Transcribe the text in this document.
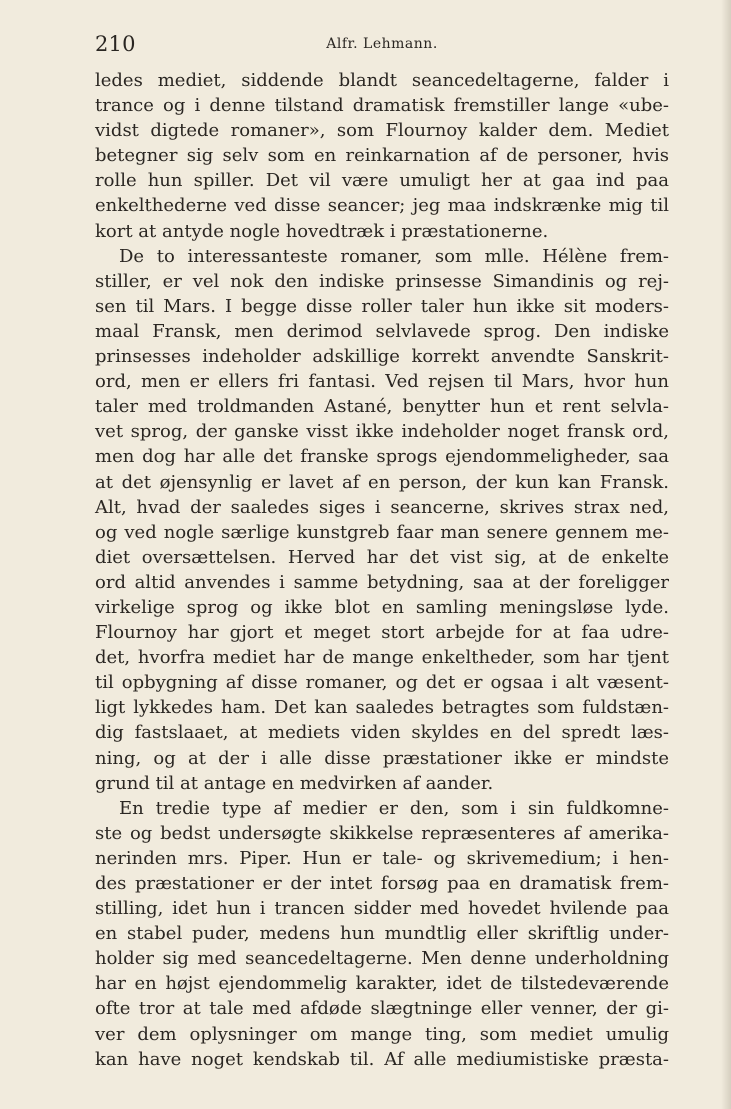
210	Alfr. Lehmann.
ledes mediet, siddende blandt seancedeltagerne, falder i
trance og i denne tilstand dramatisk fremstiller lange «ube-
vidst digtede romaner», som Flournoy kalder dem. Mediet
betegner sig selv som en reinkarnation af de personer, hvis
rolle hun spiller. Det vil være umuligt her at gaa ind paa
enkelthederne ved disse seancer; jeg maa indskrænke mig til
kort at antyde nogle hovedtræk i præstationerne.
De to interessanteste romaner, som mlle. Hélène frem-
stiller, er vel nok den indiske prinsesse Simandinis og rej-
sen til Mars. I begge disse roller taler hun ikke sit moders-
maal Fransk, men derimod selvlavede sprog. Den indiske
prinsesses indeholder adskillige korrekt anvendte Sanskrit-
ord, men er ellers fri fantasi. Ved rejsen til Mars, hvor hun
taler med troldmanden Astané, benytter hun et rent selvla-
vet sprog, der ganske visst ikke indeholder noget fransk ord,
men dog har alle det franske sprogs ejendommeligheder, saa
at det øjensynlig er lavet af en person, der kun kan Fransk.
Alt, hvad der saaledes siges i seancerne, skrives strax ned,
og ved nogle særlige kunstgreb faar man senere gennem me-
diet oversættelsen. Herved har det vist sig, at de enkelte
ord altid anvendes i samme betydning, saa at der foreligger
virkelige sprog og ikke blot en samling meningsløse lyde.
Flournoy har gjort et meget stort arbejde for at faa udre-
det, hvorfra mediet har de mange enkeltheder, som har tjent
til opbygning af disse romaner, og det er ogsaa i alt væsent-
ligt lykkedes ham. Det kan saaledes betragtes som fuldstæn-
dig fastslaaet, at mediets viden skyldes en del spredt læs-
ning, og at der i alle disse præstationer ikke er mindste
grund til at antage en medvirken af aander.
En tredie type af medier er den, som i sin fuldkomne-
ste og bedst undersøgte skikkelse repræsenteres af amerika-
nerinden mrs. Piper. Hun er tale- og skrivemedium; i hen-
des præstationer er der intet forsøg paa en dramatisk frem-
stilling, idet hun i trancen sidder med hovedet hvilende paa
en stabel puder, medens hun mundtlig eller skriftlig under-
holder sig med seancedeltagerne. Men denne underholdning
har en højst ejendommelig karakter, idet de tilstedeværende
ofte tror at tale med afdøde slægtninge eller venner, der gi-
ver dem oplysninger om mange ting, som mediet umulig
kan have noget kendskab til. Af alle mediumistiske præsta-
